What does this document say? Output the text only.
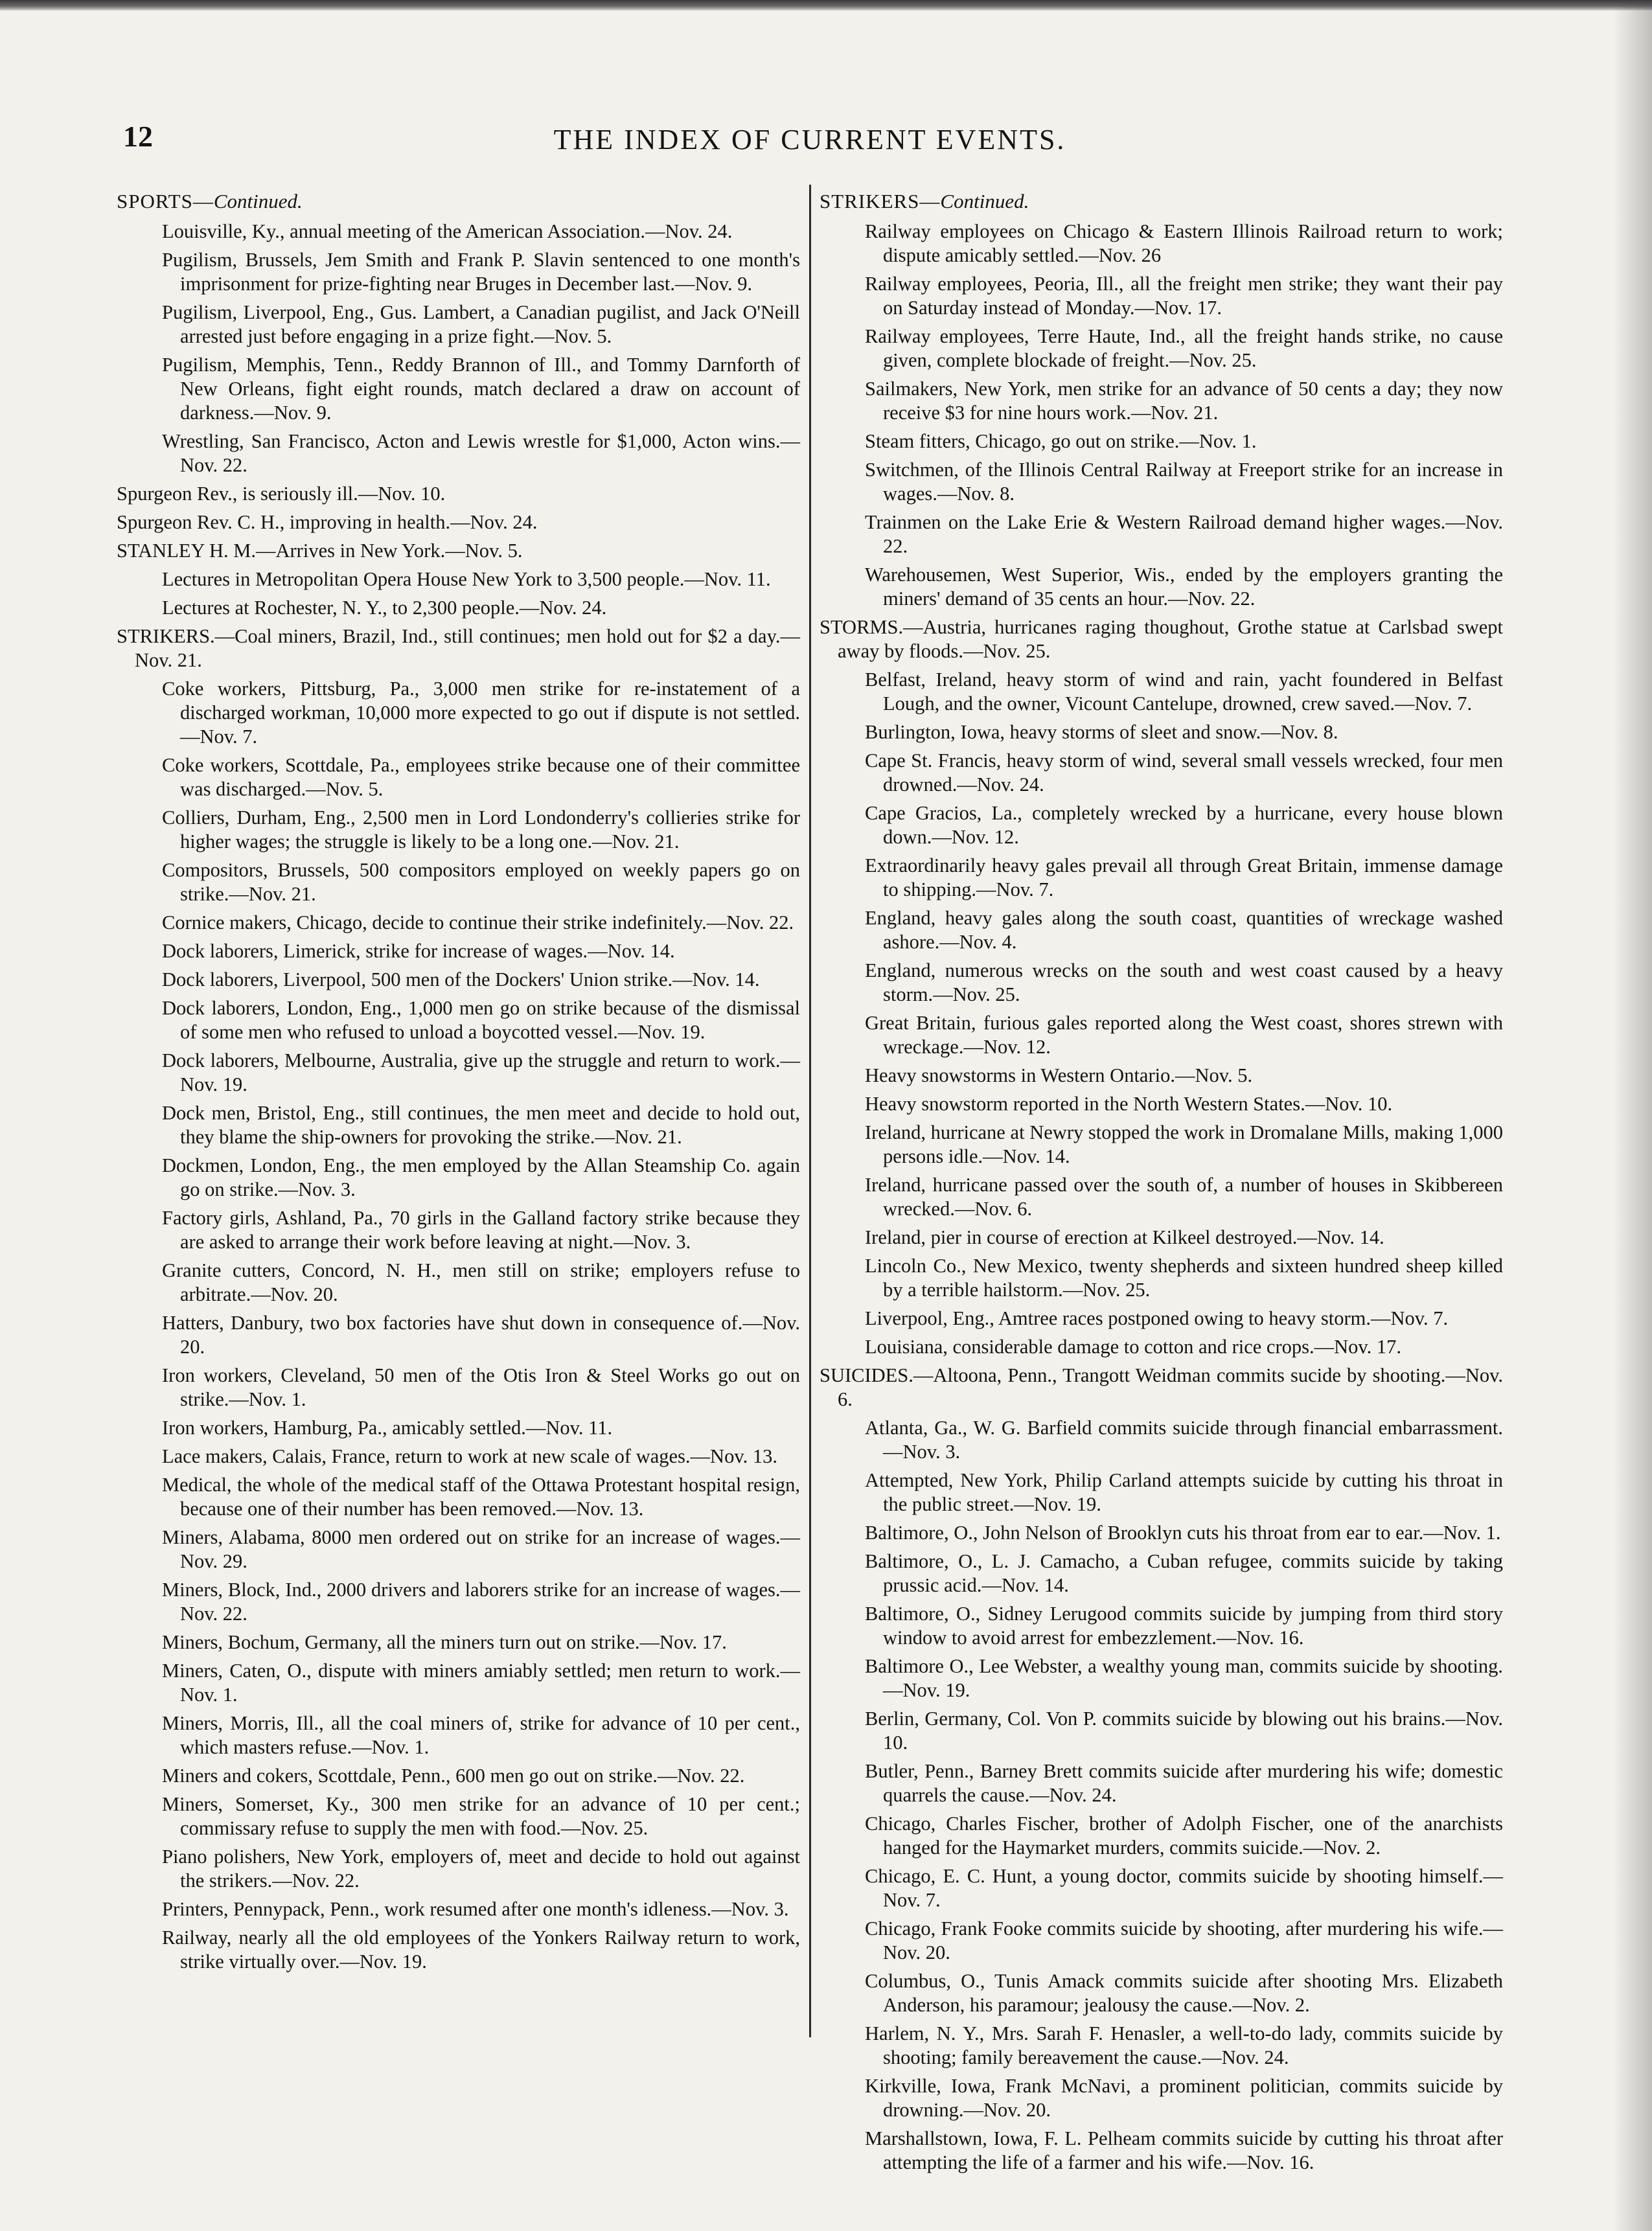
12	THE INDEX OF CURRENT EVENTS.
SPORTS—Continued.
Louisville, Ky., annual meeting of the American Association.—Nov. 24.
Pugilism, Brussels, Jem Smith and Frank P. Slavin sentenced to one month's imprisonment for prize-fighting near Bruges in December last.—Nov. 9.
Pugilism, Liverpool, Eng., Gus. Lambert, a Canadian pugilist, and Jack O'Neill arrested just before engaging in a prize fight.—Nov. 5.
Pugilism, Memphis, Tenn., Reddy Brannon of Ill., and Tommy Darnforth of New Orleans, fight eight rounds, match declared a draw on account of darkness.—Nov. 9.
Wrestling, San Francisco, Acton and Lewis wrestle for $1,000, Acton wins.—Nov. 22.
Spurgeon Rev., is seriously ill.—Nov. 10.
Spurgeon Rev. C. H., improving in health.—Nov. 24.
STANLEY H. M.—Arrives in New York.—Nov. 5.
Lectures in Metropolitan Opera House New York to 3,500 people.—Nov. 11.
Lectures at Rochester, N. Y., to 2,300 people.—Nov. 24.
STRIKERS.—Coal miners, Brazil, Ind., still continues; men hold out for $2 a day.—Nov. 21.
Coke workers, Pittsburg, Pa., 3,000 men strike for re-instatement of a discharged workman, 10,000 more expected to go out if dispute is not settled.—Nov. 7.
Coke workers, Scottdale, Pa., employees strike because one of their committee was discharged.—Nov. 5.
Colliers, Durham, Eng., 2,500 men in Lord Londonderry's collieries strike for higher wages; the struggle is likely to be a long one.—Nov. 21.
Compositors, Brussels, 500 compositors employed on weekly papers go on strike.—Nov. 21.
Cornice makers, Chicago, decide to continue their strike indefinitely.—Nov. 22.
Dock laborers, Limerick, strike for increase of wages.—Nov. 14.
Dock laborers, Liverpool, 500 men of the Dockers' Union strike.—Nov. 14.
Dock laborers, London, Eng., 1,000 men go on strike because of the dismissal of some men who refused to unload a boycotted vessel.—Nov. 19.
Dock laborers, Melbourne, Australia, give up the struggle and return to work.—Nov. 19.
Dock men, Bristol, Eng., still continues, the men meet and decide to hold out, they blame the ship-owners for provoking the strike.—Nov. 21.
Dockmen, London, Eng., the men employed by the Allan Steamship Co. again go on strike.—Nov. 3.
Factory girls, Ashland, Pa., 70 girls in the Galland factory strike because they are asked to arrange their work before leaving at night.—Nov. 3.
Granite cutters, Concord, N. H., men still on strike; employers refuse to arbitrate.—Nov. 20.
Hatters, Danbury, two box factories have shut down in consequence of.—Nov. 20.
Iron workers, Cleveland, 50 men of the Otis Iron & Steel Works go out on strike.—Nov. 1.
Iron workers, Hamburg, Pa., amicably settled.—Nov. 11.
Lace makers, Calais, France, return to work at new scale of wages.—Nov. 13.
Medical, the whole of the medical staff of the Ottawa Protestant hospital resign, because one of their number has been removed.—Nov. 13.
Miners, Alabama, 8000 men ordered out on strike for an increase of wages.—Nov. 29.
Miners, Block, Ind., 2000 drivers and laborers strike for an increase of wages.—Nov. 22.
Miners, Bochum, Germany, all the miners turn out on strike.—Nov. 17.
Miners, Caten, O., dispute with miners amiably settled; men return to work.—Nov. 1.
Miners, Morris, Ill., all the coal miners of, strike for advance of 10 per cent., which masters refuse.—Nov. 1.
Miners and cokers, Scottdale, Penn., 600 men go out on strike.—Nov. 22.
Miners, Somerset, Ky., 300 men strike for an advance of 10 per cent.; commissary refuse to supply the men with food.—Nov. 25.
Piano polishers, New York, employers of, meet and decide to hold out against the strikers.—Nov. 22.
Printers, Pennypack, Penn., work resumed after one month's idleness.—Nov. 3.
Railway, nearly all the old employees of the Yonkers Railway return to work, strike virtually over.—Nov. 19.
STRIKERS—Continued.
Railway employees on Chicago & Eastern Illinois Railroad return to work; dispute amicably settled.—Nov. 26
Railway employees, Peoria, Ill., all the freight men strike; they want their pay on Saturday instead of Monday.—Nov. 17.
Railway employees, Terre Haute, Ind., all the freight hands strike, no cause given, complete blockade of freight.—Nov. 25.
Sailmakers, New York, men strike for an advance of 50 cents a day; they now receive $3 for nine hours work.—Nov. 21.
Steam fitters, Chicago, go out on strike.—Nov. 1.
Switchmen, of the Illinois Central Railway at Freeport strike for an increase in wages.—Nov. 8.
Trainmen on the Lake Erie & Western Railroad demand higher wages.—Nov. 22.
Warehousemen, West Superior, Wis., ended by the employers granting the miners' demand of 35 cents an hour.—Nov. 22.
STORMS.—Austria, hurricanes raging thoughout, Grothe statue at Carlsbad swept away by floods.—Nov. 25.
Belfast, Ireland, heavy storm of wind and rain, yacht foundered in Belfast Lough, and the owner, Vicount Cantelupe, drowned, crew saved.—Nov. 7.
Burlington, Iowa, heavy storms of sleet and snow.—Nov. 8.
Cape St. Francis, heavy storm of wind, several small vessels wrecked, four men drowned.—Nov. 24.
Cape Gracios, La., completely wrecked by a hurricane, every house blown down.—Nov. 12.
Extraordinarily heavy gales prevail all through Great Britain, immense damage to shipping.—Nov. 7.
England, heavy gales along the south coast, quantities of wreckage washed ashore.—Nov. 4.
England, numerous wrecks on the south and west coast caused by a heavy storm.—Nov. 25.
Great Britain, furious gales reported along the West coast, shores strewn with wreckage.—Nov. 12.
Heavy snowstorms in Western Ontario.—Nov. 5.
Heavy snowstorm reported in the North Western States.—Nov. 10.
Ireland, hurricane at Newry stopped the work in Dromalane Mills, making 1,000 persons idle.—Nov. 14.
Ireland, hurricane passed over the south of, a number of houses in Skibbereen wrecked.—Nov. 6.
Ireland, pier in course of erection at Kilkeel destroyed.—Nov. 14.
Lincoln Co., New Mexico, twenty shepherds and sixteen hundred sheep killed by a terrible hailstorm.—Nov. 25.
Liverpool, Eng., Amtree races postponed owing to heavy storm.—Nov. 7.
Louisiana, considerable damage to cotton and rice crops.—Nov. 17.
SUICIDES.—Altoona, Penn., Trangott Weidman commits sucide by shooting.—Nov. 6.
Atlanta, Ga., W. G. Barfield commits suicide through financial embarrassment.—Nov. 3.
Attempted, New York, Philip Carland attempts suicide by cutting his throat in the public street.—Nov. 19.
Baltimore, O., John Nelson of Brooklyn cuts his throat from ear to ear.—Nov. 1.
Baltimore, O., L. J. Camacho, a Cuban refugee, commits suicide by taking prussic acid.—Nov. 14.
Baltimore, O., Sidney Lerugood commits suicide by jumping from third story window to avoid arrest for embezzlement.—Nov. 16.
Baltimore O., Lee Webster, a wealthy young man, commits suicide by shooting.—Nov. 19.
Berlin, Germany, Col. Von P. commits suicide by blowing out his brains.—Nov. 10.
Butler, Penn., Barney Brett commits suicide after murdering his wife; domestic quarrels the cause.—Nov. 24.
Chicago, Charles Fischer, brother of Adolph Fischer, one of the anarchists hanged for the Haymarket murders, commits suicide.—Nov. 2.
Chicago, E. C. Hunt, a young doctor, commits suicide by shooting himself.—Nov. 7.
Chicago, Frank Fooke commits suicide by shooting, after murdering his wife.—Nov. 20.
Columbus, O., Tunis Amack commits suicide after shooting Mrs. Elizabeth Anderson, his paramour; jealousy the cause.—Nov. 2.
Harlem, N. Y., Mrs. Sarah F. Henasler, a well-to-do lady, commits suicide by shooting; family bereavement the cause.—Nov. 24.
Kirkville, Iowa, Frank McNavi, a prominent politician, commits suicide by drowning.—Nov. 20.
Marshallstown, Iowa, F. L. Pelheam commits suicide by cutting his throat after attempting the life of a farmer and his wife.—Nov. 16.
